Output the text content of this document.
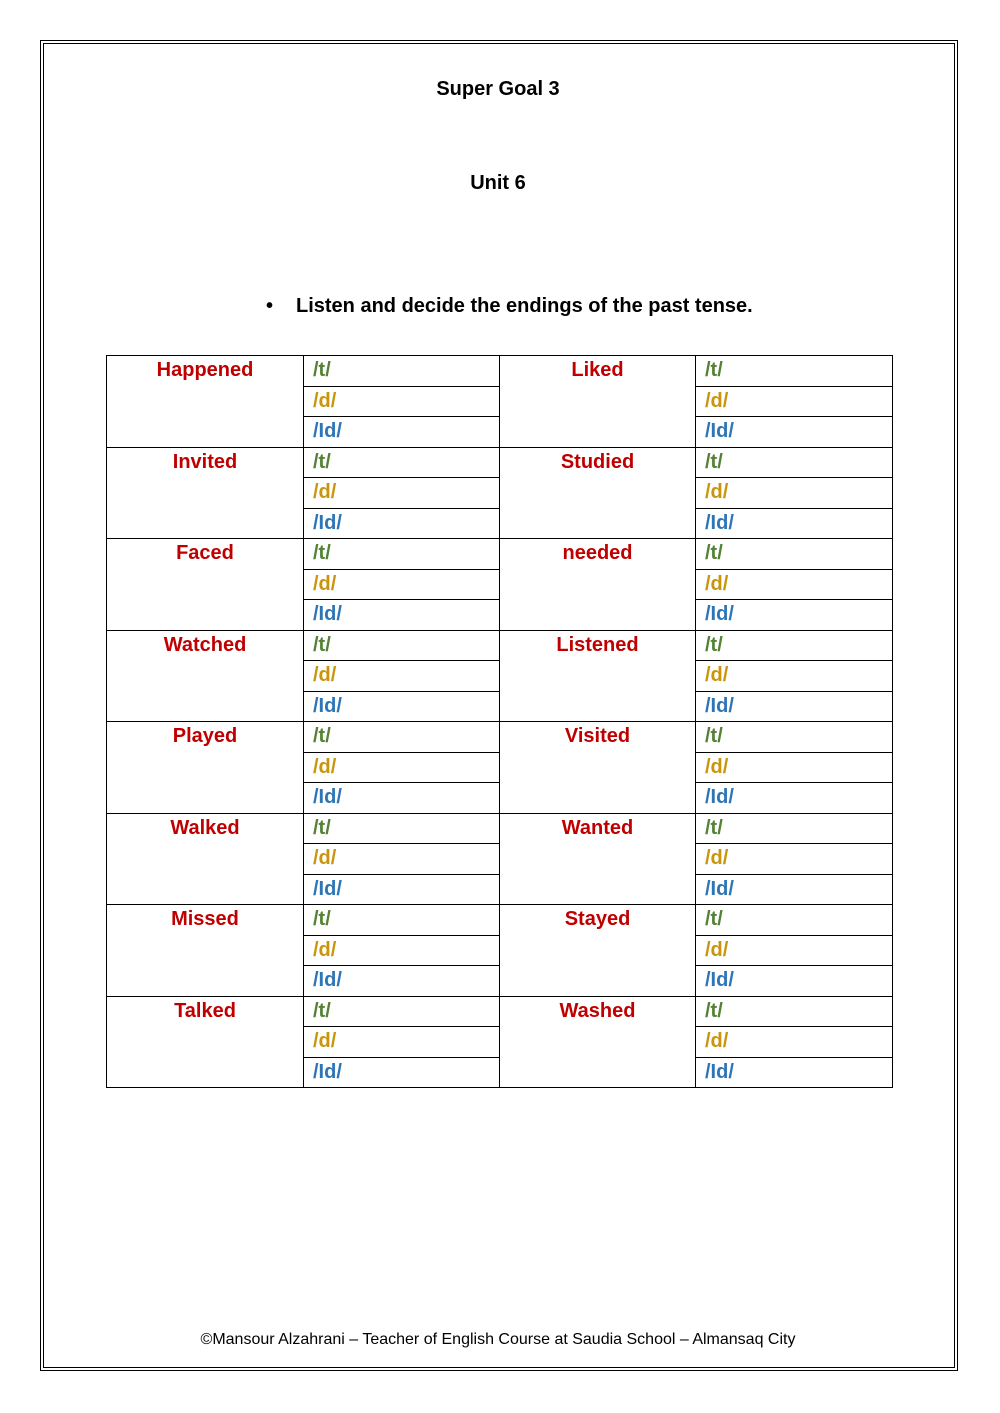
Super Goal 3
Unit 6
• Listen and decide the endings of the past tense.
Happened	/t/	Liked	/t/
	/d/		/d/
	/Id/		/Id/
Invited	/t/	Studied	/t/
	/d/		/d/
	/Id/		/Id/
Faced	/t/	needed	/t/
	/d/		/d/
	/Id/		/Id/
Watched	/t/	Listened	/t/
	/d/		/d/
	/Id/		/Id/
Played	/t/	Visited	/t/
	/d/		/d/
	/Id/		/Id/
Walked	/t/	Wanted	/t/
	/d/		/d/
	/Id/		/Id/
Missed	/t/	Stayed	/t/
	/d/		/d/
	/Id/		/Id/
Talked	/t/	Washed	/t/
	/d/		/d/
	/Id/		/Id/
©Mansour Alzahrani – Teacher of English Course at Saudia School – Almansaq City
